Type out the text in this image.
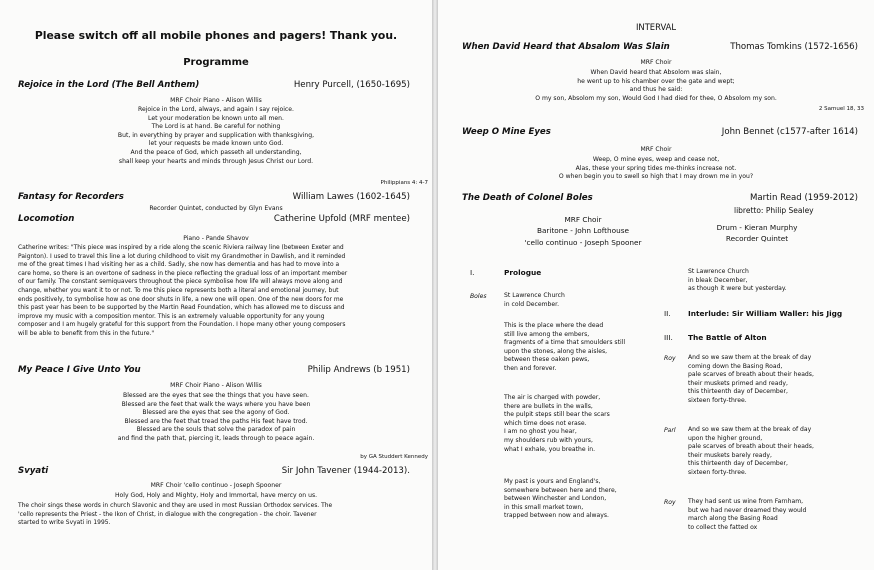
Please switch off all mobile phones and pagers! Thank you.
Programme
Rejoice in the Lord (The Bell Anthem)	Henry Purcell, (1650-1695)
MRF Choir Piano - Alison Willis
Rejoice in the Lord, always, and again I say rejoice.
Let your moderation be known unto all men.
The Lord is at hand. Be careful for nothing
But, in everything by prayer and supplication with thanksgiving,
let your requests be made known unto God.
And the peace of God, which passeth all understanding,
shall keep your hearts and minds through Jesus Christ our Lord.
Philippians 4: 4-7
Fantasy for Recorders	William Lawes (1602-1645)
Recorder Quintet, conducted by Glyn Evans
Locomotion	Catherine Upfold (MRF mentee)
Piano - Pande Shavov
Catherine writes: "This piece was inspired by a ride along the scenic Riviera railway line (between Exeter and
Paignton). I used to travel this line a lot during childhood to visit my Grandmother in Dawlish, and it reminded
me of the great times I had visiting her as a child. Sadly, she now has dementia and has had to move into a
care home, so there is an overtone of sadness in the piece reflecting the gradual loss of an important member
of our family. The constant semiquavers throughout the piece symbolise how life will always move along and
change, whether you want it to or not. To me this piece represents both a literal and emotional journey, but
ends positively, to symbolise how as one door shuts in life, a new one will open. One of the new doors for me
this past year has been to be supported by the Martin Read Foundation, which has allowed me to discuss and
improve my music with a composition mentor. This is an extremely valuable opportunity for any young
composer and I am hugely grateful for this support from the Foundation. I hope many other young composers
will be able to benefit from this in the future."
My Peace I Give Unto You	Philip Andrews (b 1951)
MRF Choir Piano - Alison Willis
Blessed are the eyes that see the things that you have seen.
Blessed are the feet that walk the ways where you have been
Blessed are the eyes that see the agony of God.
Blessed are the feet that tread the paths His feet have trod.
Blessed are the souls that solve the paradox of pain
and find the path that, piercing it, leads through to peace again.
by GA Studdert Kennedy
Svyati	Sir John Tavener (1944-2013).
MRF Choir 'cello continuo - Joseph Spooner
Holy God, Holy and Mighty, Holy and Immortal, have mercy on us.
The choir sings these words in church Slavonic and they are used in most Russian Orthodox services. The
'cello represents the Priest - the Ikon of Christ, in dialogue with the congregation - the choir. Tavener
started to write Svyati in 1995.
INTERVAL
When David Heard that Absalom Was Slain	Thomas Tomkins (1572-1656)
MRF Choir
When David heard that Absolom was slain,
he went up to his chamber over the gate and wept;
and thus he said:
O my son, Absolom my son, Would God I had died for thee, O Absolom my son.
2 Samuel 18, 33
Weep O Mine Eyes	John Bennet (c1577-after 1614)
MRF Choir
Weep, O mine eyes, weep and cease not,
Alas, these your spring tides me-thinks increase not.
O when begin you to swell so high that I may drown me in you?
The Death of Colonel Boles	Martin Read (1959-2012)
libretto: Philip Sealey
MRF Choir
Baritone - John Lofthouse
'cello continuo - Joseph Spooner
Drum - Kieran Murphy
Recorder Quintet
I.	Prologue
Boles	St Lawrence Church
in cold December.
This is the place where the dead
still live among the embers,
fragments of a time that smoulders still
upon the stones, along the aisles,
between these oaken pews,
then and forever.
The air is charged with powder,
there are bullets in the walls,
the pulpit steps still bear the scars
which time does not erase.
I am no ghost you hear,
my shoulders rub with yours,
what I exhale, you breathe in.
My past is yours and England's,
somewhere between here and there,
between Winchester and London,
in this small market town,
trapped between now and always.
St Lawrence Church
in bleak December,
as though it were but yesterday.
II. Interlude: Sir William Waller: his Jigg
III. The Battle of Alton
Roy And so we saw them at the break of day
coming down the Basing Road,
pale scarves of breath about their heads,
their muskets primed and ready,
this thirteenth day of December,
sixteen forty-three.
Parl And so we saw them at the break of day
upon the higher ground,
pale scarves of breath about their heads,
their muskets barely ready,
this thirteenth day of December,
sixteen forty-three.
Roy They had sent us wine from Farnham,
but we had never dreamed they would
march along the Basing Road
to collect the fatted ox
